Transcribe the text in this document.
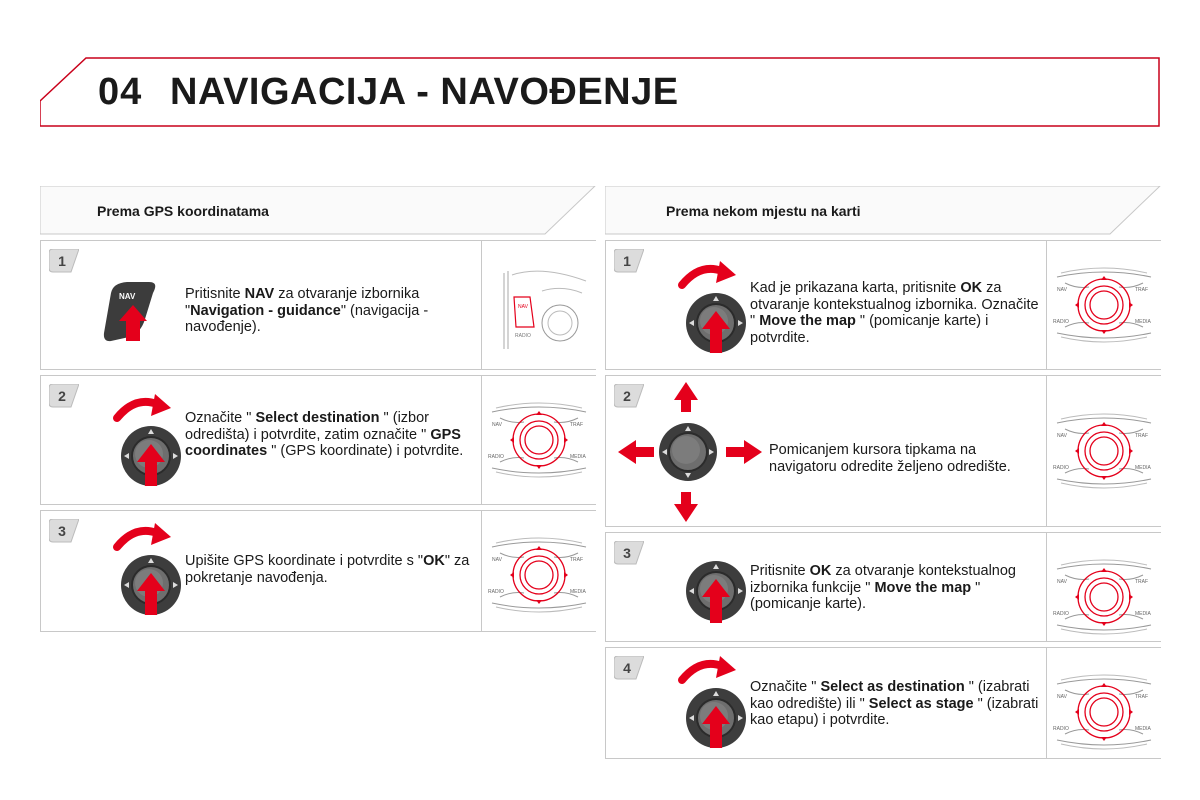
04 NAVIGACIJA - NAVOĐENJE
Prema GPS koordinatama	Prema nekom mjestu na karti
1
NAV	Pritisnite NAV za otvaranje izbornika "Navigation - guidance" (navigacija - navođenje).
NAV
RADIO
2
Označite " Select destination " (izbor odredišta) i potvrdite, zatim označite " GPS coordinates " (GPS koordinate) i potvrdite.
NAV	TRAF
RADIO	MEDIA
3
Upišite GPS koordinate i potvrdite s "OK" za pokretanje navođenja.
NAV	TRAF
RADIO	MEDIA
1
Kad je prikazana karta, pritisnite OK za otvaranje kontekstualnog izbornika. Označite " Move the map " (pomicanje karte) i potvrdite.
NAV	TRAF
RADIO	MEDIA
2
Pomicanjem kursora tipkama na navigatoru odredite željeno odredište.
NAV	TRAF
RADIO	MEDIA
3
Pritisnite OK za otvaranje kontekstualnog izbornika funkcije " Move the map " (pomicanje karte).
NAV	TRAF
RADIO	MEDIA
4
Označite " Select as destination " (izabrati kao odredište) ili " Select as stage " (izabrati kao etapu) i potvrdite.
NAV	TRAF
RADIO	MEDIA
